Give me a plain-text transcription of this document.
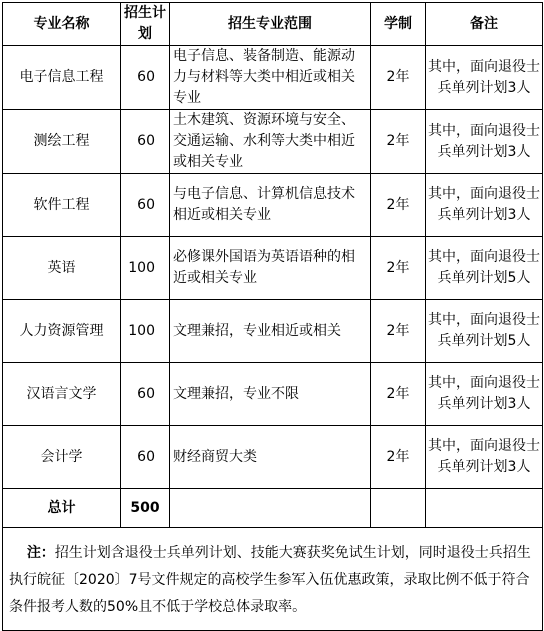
专业名称	招生计划	招生专业范围	学制	备注
电子信息工程	60	电子信息、装备制造、能源动力与材料等大类中相近或相关专业	2年	其中，面向退役士兵单列计划3人
测绘工程	60	土木建筑、资源环境与安全、交通运输、水利等大类中相近或相关专业	2年	其中，面向退役士兵单列计划3人
软件工程	60	与电子信息、计算机信息技术相近或相关专业	2年	其中，面向退役士兵单列计划3人
英语	100	必修课外国语为英语语种的相近或相关专业	2年	其中，面向退役士兵单列计划5人
人力资源管理	100	文理兼招，专业相近或相关	2年	其中，面向退役士兵单列计划5人
汉语言文学	60	文理兼招，专业不限	2年	其中，面向退役士兵单列计划3人
会计学	60	财经商贸大类	2年	其中，面向退役士兵单列计划3人
总计	500			
注：招生计划含退役士兵单列计划、技能大赛获奖免试生计划，同时退役士兵招生执行皖征〔2020〕7号文件规定的高校学生参军入伍优惠政策，录取比例不低于符合条件报考人数的50%且不低于学校总体录取率。				
